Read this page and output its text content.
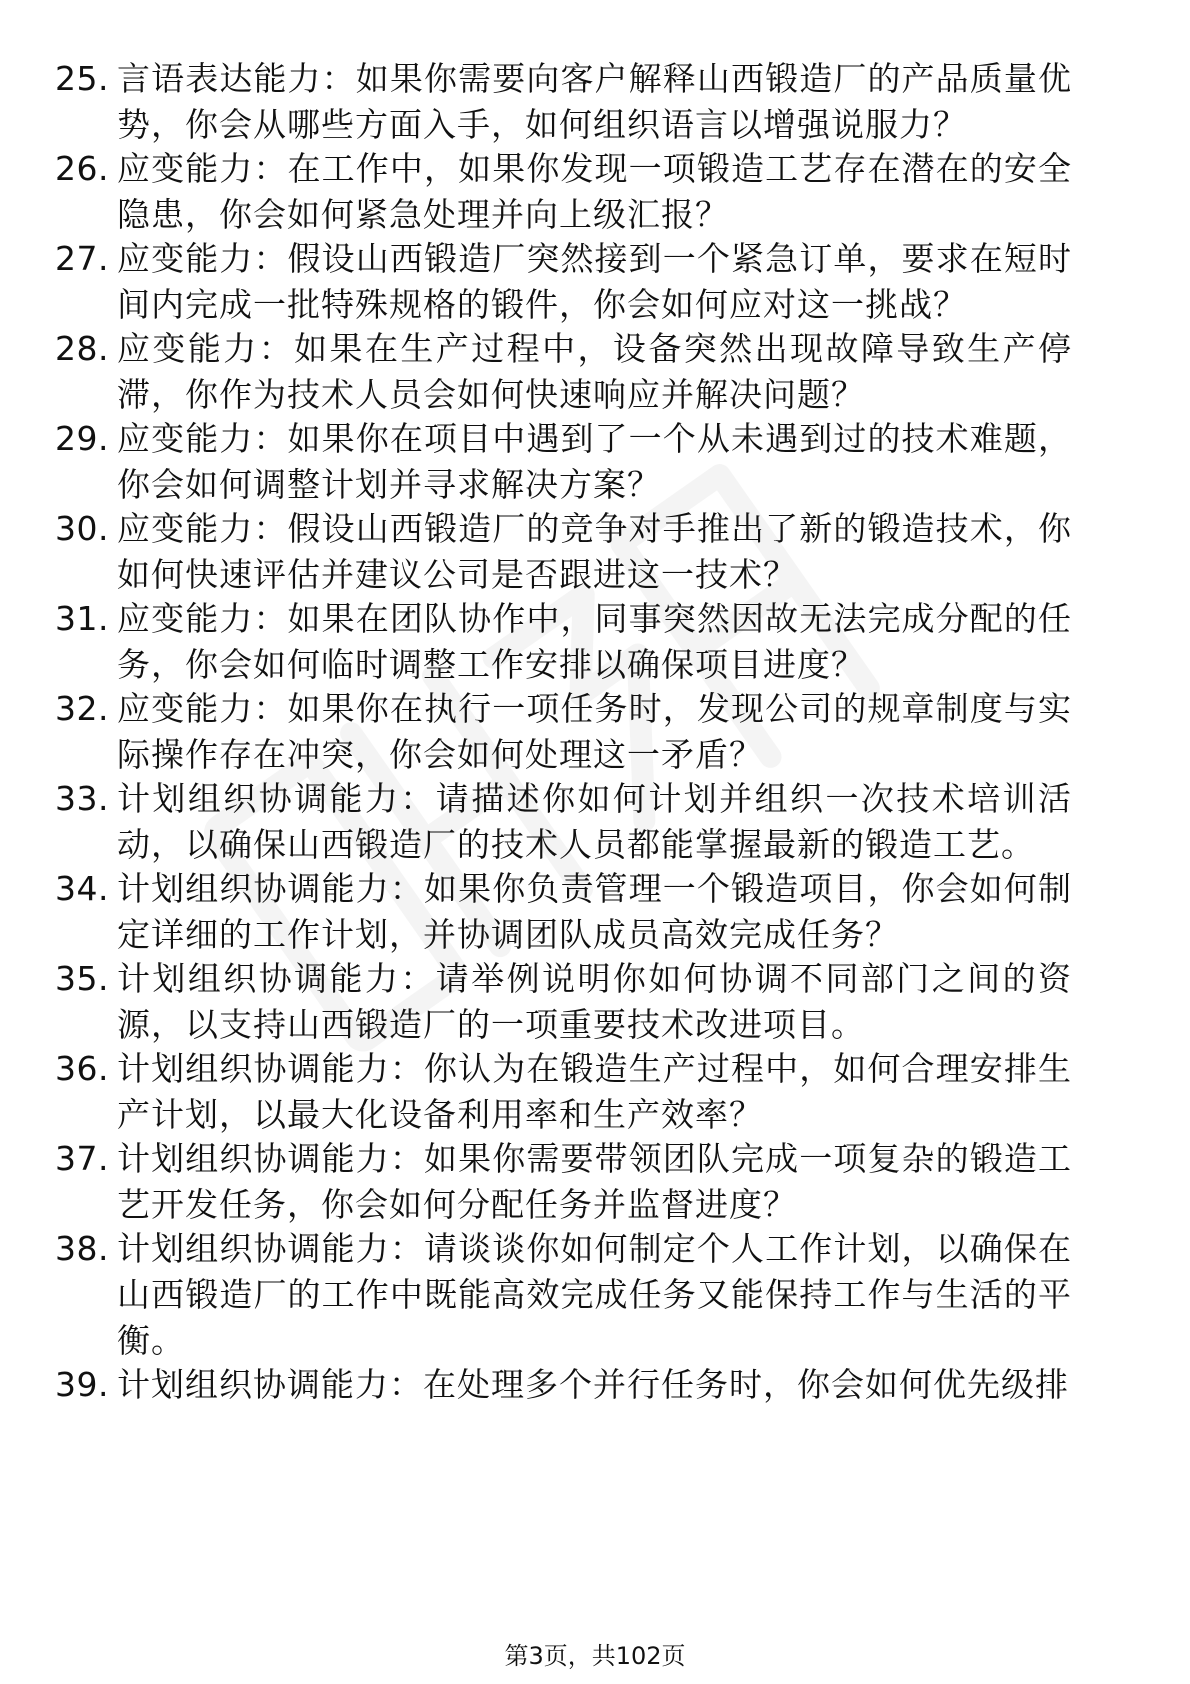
25. 言语表达能力：如果你需要向客户解释山西锻造厂的产品质量优势，你会从哪些方面入手，如何组织语言以增强说服力？
26. 应变能力：在工作中，如果你发现一项锻造工艺存在潜在的安全隐患，你会如何紧急处理并向上级汇报？
27. 应变能力：假设山西锻造厂突然接到一个紧急订单，要求在短时间内完成一批特殊规格的锻件，你会如何应对这一挑战？
28. 应变能力：如果在生产过程中，设备突然出现故障导致生产停滞，你作为技术人员会如何快速响应并解决问题？
29. 应变能力：如果你在项目中遇到了一个从未遇到过的技术难题，你会如何调整计划并寻求解决方案？
30. 应变能力：假设山西锻造厂的竞争对手推出了新的锻造技术，你如何快速评估并建议公司是否跟进这一技术？
31. 应变能力：如果在团队协作中，同事突然因故无法完成分配的任务，你会如何临时调整工作安排以确保项目进度？
32. 应变能力：如果你在执行一项任务时，发现公司的规章制度与实际操作存在冲突，你会如何处理这一矛盾？
33. 计划组织协调能力：请描述你如何计划并组织一次技术培训活动，以确保山西锻造厂的技术人员都能掌握最新的锻造工艺。
34. 计划组织协调能力：如果你负责管理一个锻造项目，你会如何制定详细的工作计划，并协调团队成员高效完成任务？
35. 计划组织协调能力：请举例说明你如何协调不同部门之间的资源，以支持山西锻造厂的一项重要技术改进项目。
36. 计划组织协调能力：你认为在锻造生产过程中，如何合理安排生产计划，以最大化设备利用率和生产效率？
37. 计划组织协调能力：如果你需要带领团队完成一项复杂的锻造工艺开发任务，你会如何分配任务并监督进度？
38. 计划组织协调能力：请谈谈你如何制定个人工作计划，以确保在山西锻造厂的工作中既能高效完成任务又能保持工作与生活的平衡。
39. 计划组织协调能力：在处理多个并行任务时，你会如何优先级排
第3页，共102页
